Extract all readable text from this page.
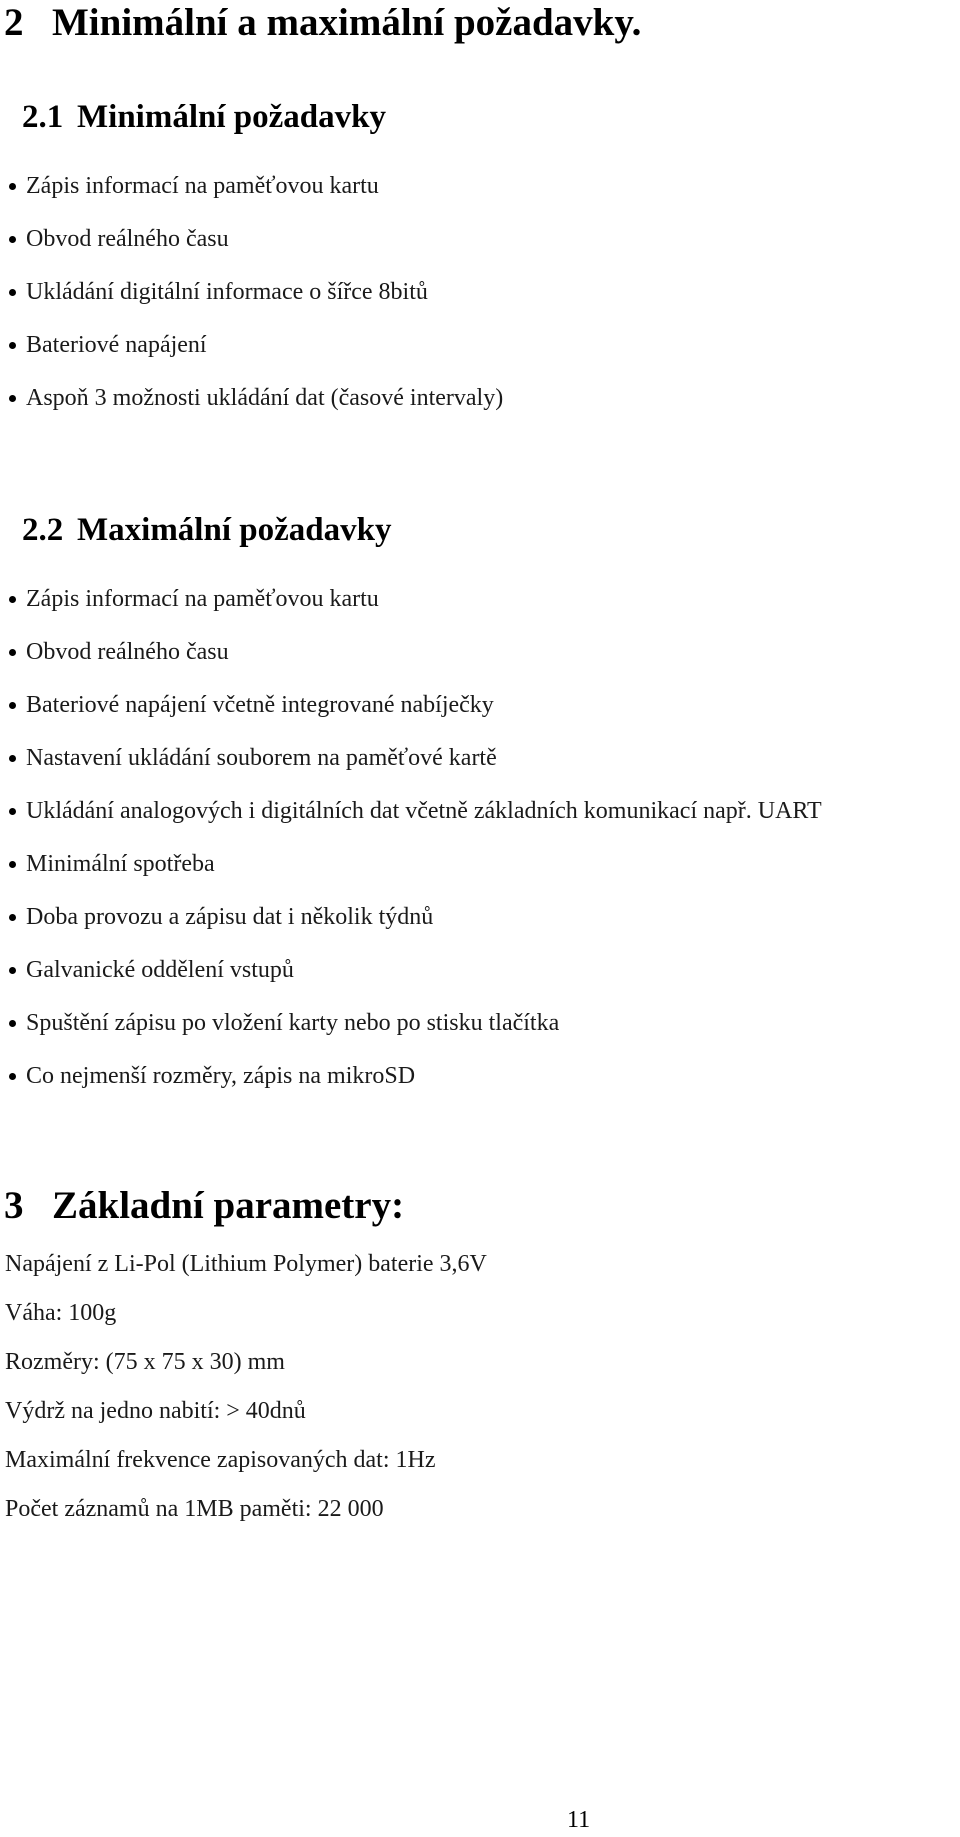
2 Minimální a maximální požadavky.
2.1 Minimální požadavky
Zápis informací na paměťovou kartu
Obvod reálného času
Ukládání digitální informace o šířce 8bitů
Bateriové napájení
Aspoň 3 možnosti ukládání dat (časové intervaly)
2.2 Maximální požadavky
Zápis informací na paměťovou kartu
Obvod reálného času
Bateriové napájení včetně integrované nabíječky
Nastavení ukládání souborem na paměťové kartě
Ukládání analogových i digitálních dat včetně základních komunikací např. UART
Minimální spotřeba
Doba provozu a zápisu dat i několik týdnů
Galvanické oddělení vstupů
Spuštění zápisu po vložení karty nebo po stisku tlačítka
Co nejmenší rozměry, zápis na mikroSD
3 Základní parametry:
Napájení z Li-Pol (Lithium Polymer) baterie 3,6V
Váha: 100g
Rozměry: (75 x 75 x 30) mm
Výdrž na jedno nabití: > 40dnů
Maximální frekvence zapisovaných dat: 1Hz
Počet záznamů na 1MB paměti: 22 000
11
